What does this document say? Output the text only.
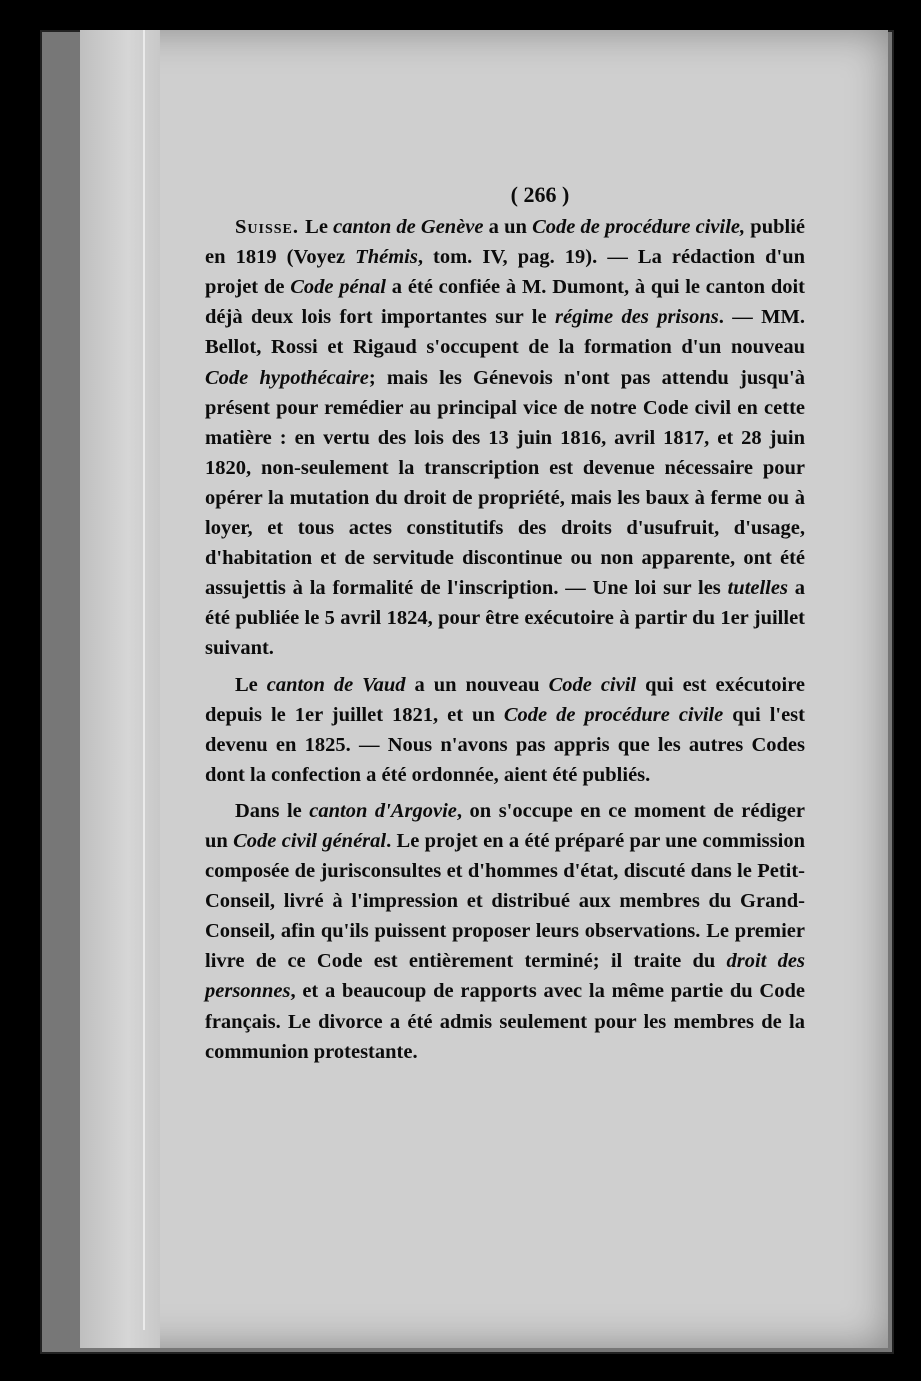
( 266 )

Suisse. Le canton de Genève a un Code de procédure civile, publié en 1819 (Voyez Thémis, tom. IV, pag. 19). — La rédaction d'un projet de Code pénal a été confiée à M. Dumont, à qui le canton doit déjà deux lois fort importantes sur le régime des prisons. — MM. Bellot, Rossi et Rigaud s'occupent de la formation d'un nouveau Code hypothécaire; mais les Génevois n'ont pas attendu jusqu'à présent pour remédier au principal vice de notre Code civil en cette matière : en vertu des lois des 13 juin 1816, avril 1817, et 28 juin 1820, non-seulement la transcription est devenue nécessaire pour opérer la mutation du droit de propriété, mais les baux à ferme ou à loyer, et tous actes constitutifs des droits d'usufruit, d'usage, d'habitation et de servitude discontinue ou non apparente, ont été assujettis à la formalité de l'inscription. — Une loi sur les tutelles a été publiée le 5 avril 1824, pour être exécutoire à partir du 1er juillet suivant.

Le canton de Vaud a un nouveau Code civil qui est exécutoire depuis le 1er juillet 1821, et un Code de procédure civile qui l'est devenu en 1825. — Nous n'avons pas appris que les autres Codes dont la confection a été ordonnée, aient été publiés.

Dans le canton d'Argovie, on s'occupe en ce moment de rédiger un Code civil général. Le projet en a été préparé par une commission composée de jurisconsultes et d'hommes d'état, discuté dans le Petit-Conseil, livré à l'impression et distribué aux membres du Grand-Conseil, afin qu'ils puissent proposer leurs observations. Le premier livre de ce Code est entièrement terminé; il traite du droit des personnes, et a beaucoup de rapports avec la même partie du Code français. Le divorce a été admis seulement pour les membres de la communion protestante.
